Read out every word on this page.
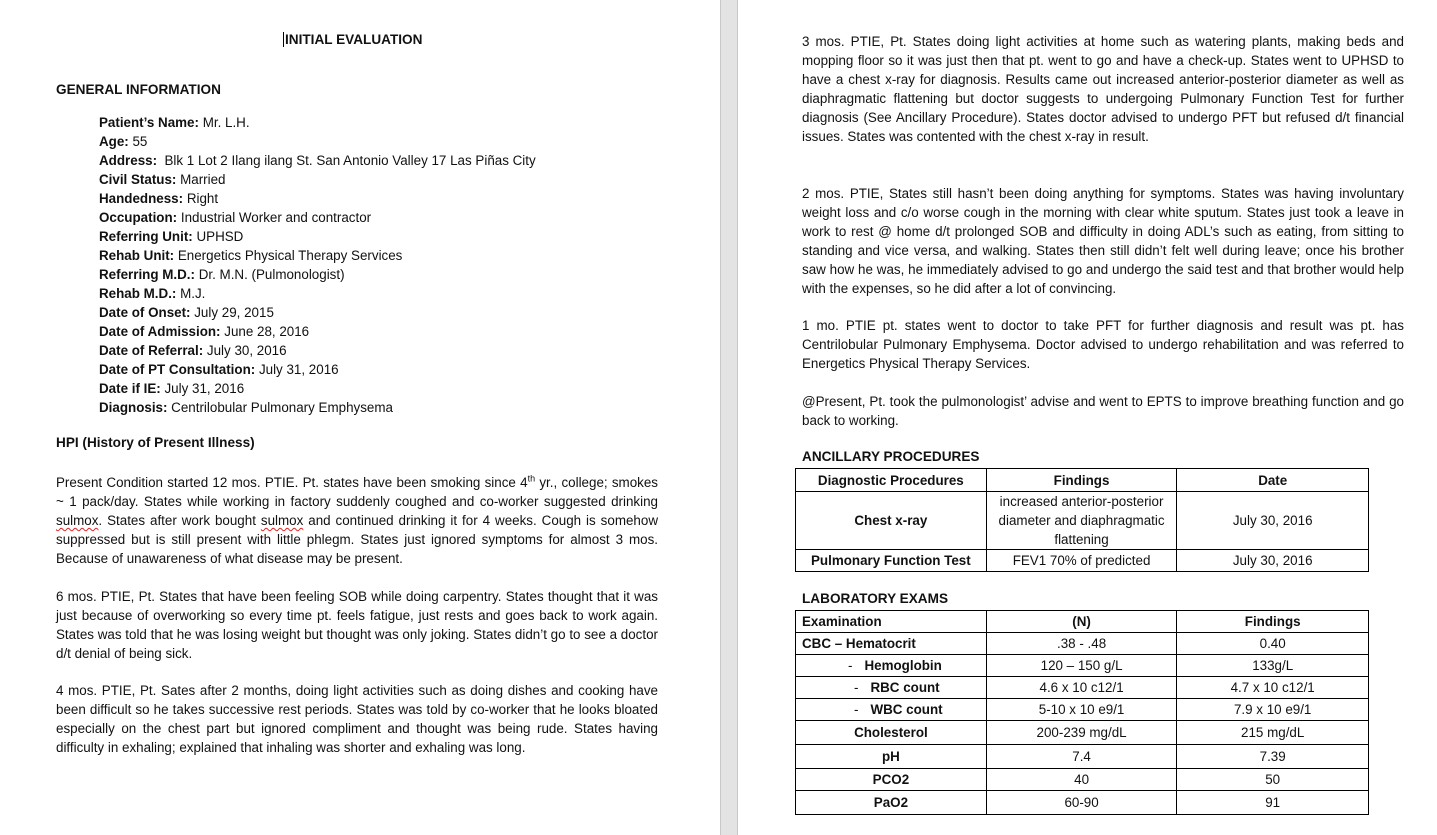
INITIAL EVALUATION
GENERAL INFORMATION
Patient’s Name: Mr. L.H.
Age: 55
Address:  Blk 1 Lot 2 Ilang ilang St. San Antonio Valley 17 Las Piñas City
Civil Status: Married
Handedness: Right
Occupation: Industrial Worker and contractor
Referring Unit: UPHSD
Rehab Unit: Energetics Physical Therapy Services
Referring M.D.: Dr. M.N. (Pulmonologist)
Rehab M.D.: M.J.
Date of Onset: July 29, 2015
Date of Admission: June 28, 2016
Date of Referral: July 30, 2016
Date of PT Consultation: July 31, 2016
Date if IE: July 31, 2016
Diagnosis: Centrilobular Pulmonary Emphysema
HPI (History of Present Illness)

Present Condition started 12 mos. PTIE. Pt. states have been smoking since 4th yr., college; smokes ~ 1 pack/day. States while working in factory suddenly coughed and co-worker suggested drinking sulmox. States after work bought sulmox and continued drinking it for 4 weeks. Cough is somehow suppressed but is still present with little phlegm. States just ignored symptoms for almost 3 mos. Because of unawareness of what disease may be present.

6 mos. PTIE, Pt. States that have been feeling SOB while doing carpentry. States thought that it was just because of overworking so every time pt. feels fatigue, just rests and goes back to work again. States was told that he was losing weight but thought was only joking. States didn’t go to see a doctor d/t denial of being sick.

4 mos. PTIE, Pt. Sates after 2 months, doing light activities such as doing dishes and cooking have been difficult so he takes successive rest periods. States was told by co-worker that he looks bloated especially on the chest part but ignored compliment and thought was being rude. States having difficulty in exhaling; explained that inhaling was shorter and exhaling was long.

3 mos. PTIE, Pt. States doing light activities at home such as watering plants, making beds and mopping floor so it was just then that pt. went to go and have a check-up. States went to UPHSD to have a chest x-ray for diagnosis. Results came out increased anterior-posterior diameter as well as diaphragmatic flattening but doctor suggests to undergoing Pulmonary Function Test for further diagnosis (See Ancillary Procedure). States doctor advised to undergo PFT but refused d/t financial issues. States was contented with the chest x-ray in result.

2 mos. PTIE, States still hasn’t been doing anything for symptoms. States was having involuntary weight loss and c/o worse cough in the morning with clear white sputum. States just took a leave in work to rest @ home d/t prolonged SOB and difficulty in doing ADL’s such as eating, from sitting to standing and vice versa, and walking. States then still didn’t felt well during leave; once his brother saw how he was, he immediately advised to go and undergo the said test and that brother would help with the expenses, so he did after a lot of convincing.

1 mo. PTIE pt. states went to doctor to take PFT for further diagnosis and result was pt. has Centrilobular Pulmonary Emphysema. Doctor advised to undergo rehabilitation and was referred to Energetics Physical Therapy Services.

@Present, Pt. took the pulmonologist’ advise and went to EPTS to improve breathing function and go back to working.

ANCILLARY PROCEDURES
Diagnostic Procedures	Findings	Date
Chest x-ray	increased anterior-posterior diameter and diaphragmatic flattening	July 30, 2016
Pulmonary Function Test	FEV1 70% of predicted	July 30, 2016
LABORATORY EXAMS
Examination	(N)	Findings
CBC – Hematocrit	.38 - .48	0.40
- Hemoglobin	120 – 150 g/L	133g/L
- RBC count	4.6 x 10 c12/1	4.7 x 10 c12/1
- WBC count	5-10 x 10 e9/1	7.9 x 10 e9/1
Cholesterol	200-239 mg/dL	215 mg/dL
pH	7.4	7.39
PCO2	40	50
PaO2	60-90	91
